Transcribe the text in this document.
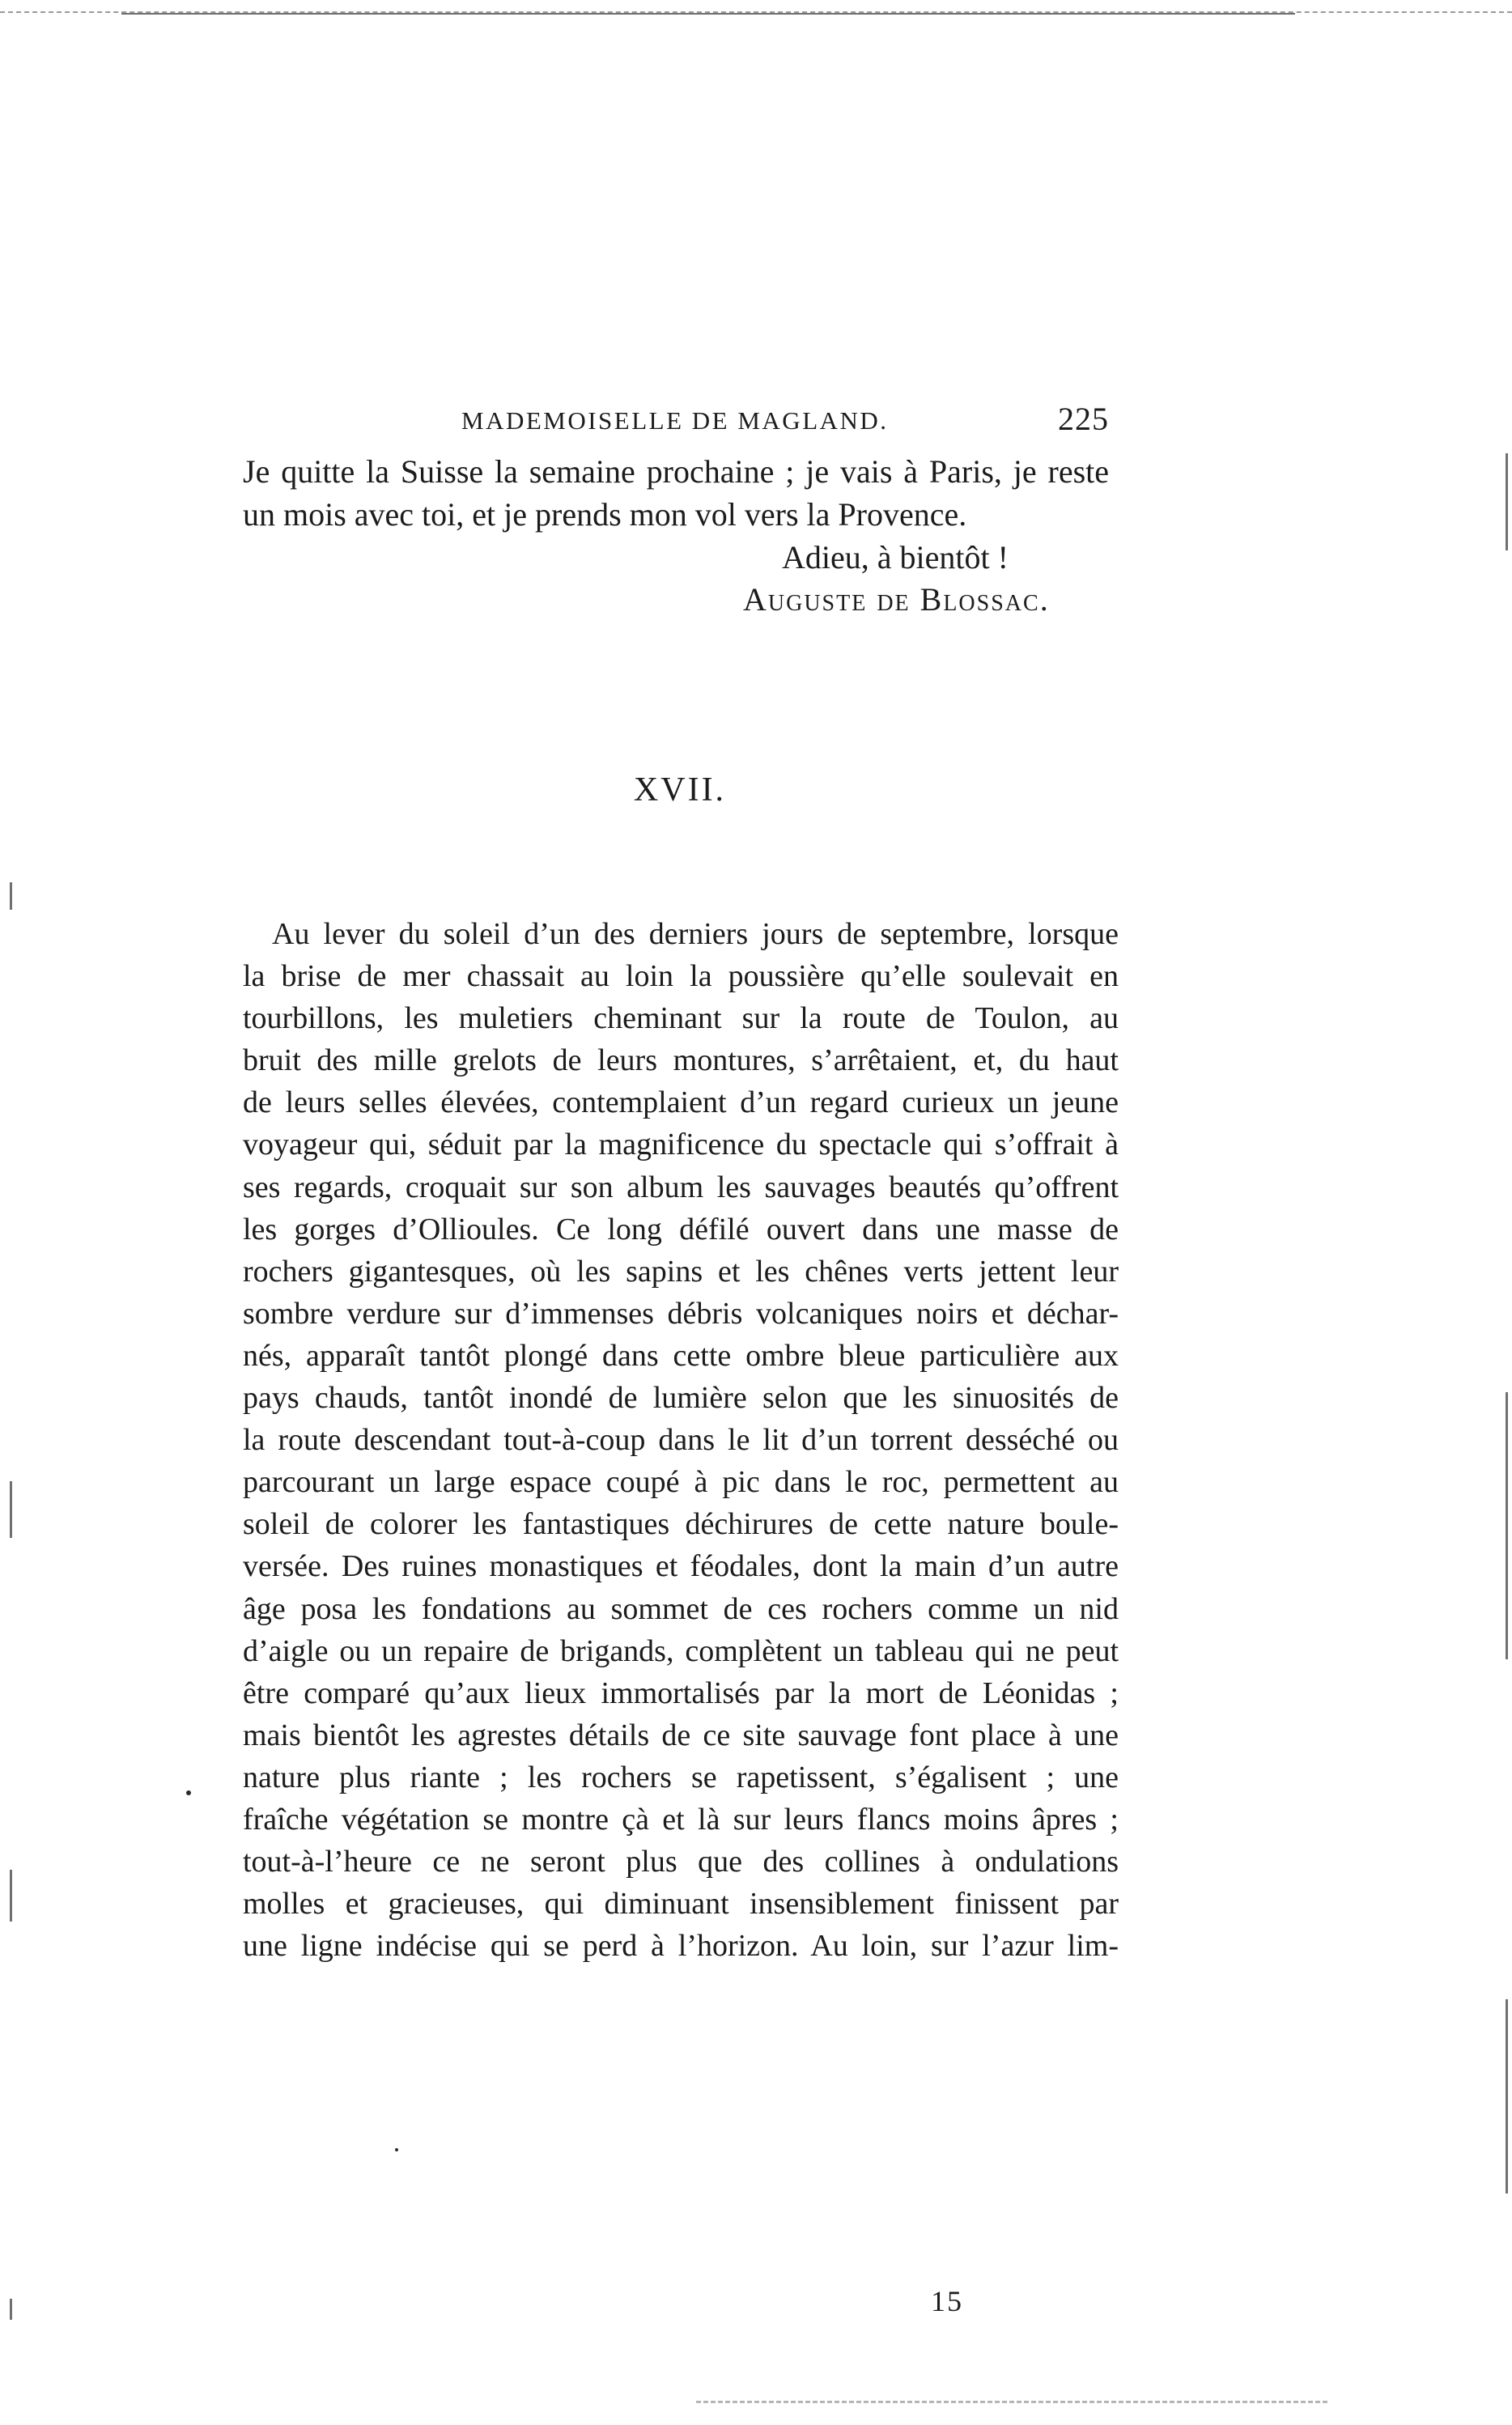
MADEMOISELLE DE MAGLAND.	225
Je quitte la Suisse la semaine prochaine ; je vais à Paris, je reste
un mois avec toi, et je prends mon vol vers la Provence.
Adieu, à bientôt !
Auguste de Blossac.
XVII.
Au lever du soleil d’un des derniers jours de septembre, lorsque
la brise de mer chassait au loin la poussière qu’elle soulevait en
tourbillons, les muletiers cheminant sur la route de Toulon, au
bruit des mille grelots de leurs montures, s’arrêtaient, et, du haut
de leurs selles élevées, contemplaient d’un regard curieux un jeune
voyageur qui, séduit par la magnificence du spectacle qui s’offrait à
ses regards, croquait sur son album les sauvages beautés qu’offrent
les gorges d’Ollioules. Ce long défilé ouvert dans une masse de
rochers gigantesques, où les sapins et les chênes verts jettent leur
sombre verdure sur d’immenses débris volcaniques noirs et déchar-
nés, apparaît tantôt plongé dans cette ombre bleue particulière aux
pays chauds, tantôt inondé de lumière selon que les sinuosités de
la route descendant tout-à-coup dans le lit d’un torrent desséché ou
parcourant un large espace coupé à pic dans le roc, permettent au
soleil de colorer les fantastiques déchirures de cette nature boule-
versée. Des ruines monastiques et féodales, dont la main d’un autre
âge posa les fondations au sommet de ces rochers comme un nid
d’aigle ou un repaire de brigands, complètent un tableau qui ne peut
être comparé qu’aux lieux immortalisés par la mort de Léonidas ;
mais bientôt les agrestes détails de ce site sauvage font place à une
nature plus riante ; les rochers se rapetissent, s’égalisent ; une
fraîche végétation se montre çà et là sur leurs flancs moins âpres ;
tout-à-l’heure ce ne seront plus que des collines à ondulations
molles et gracieuses, qui diminuant insensiblement finissent par
une ligne indécise qui se perd à l’horizon. Au loin, sur l’azur lim-
15
